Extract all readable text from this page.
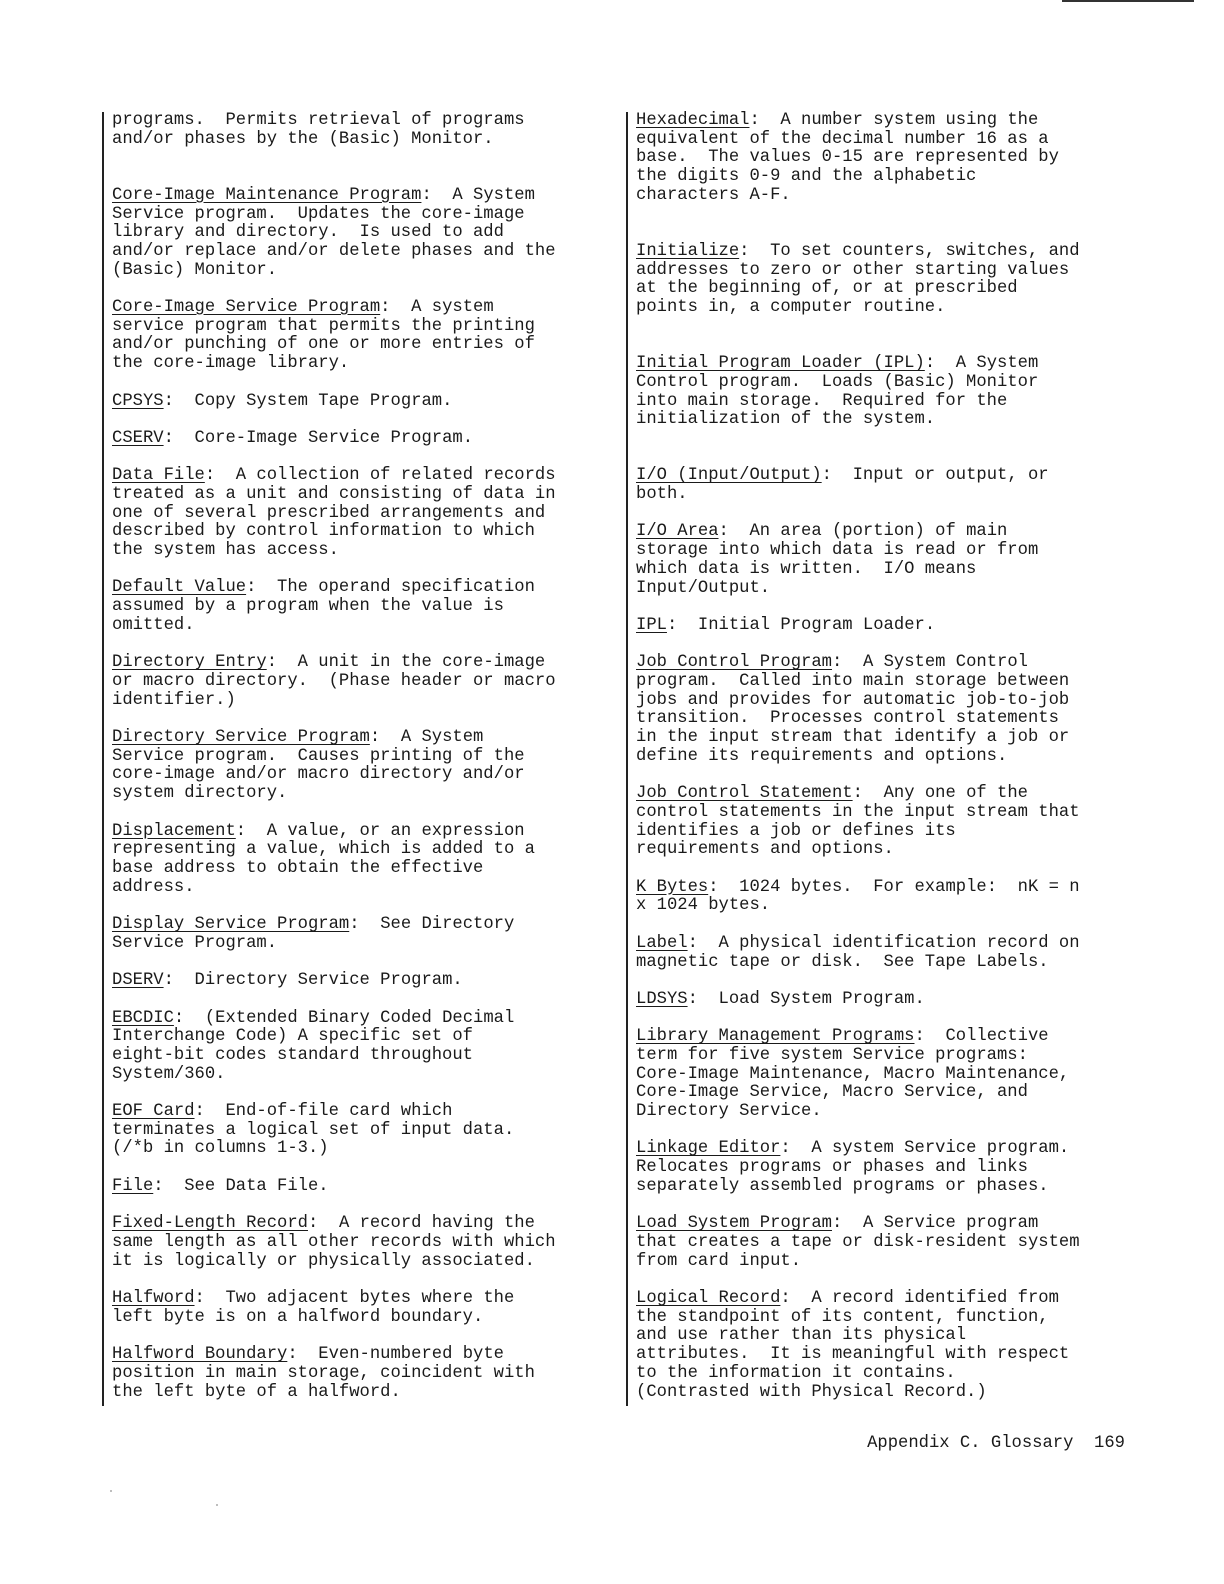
programs.  Permits retrieval of programs
and/or phases by the (Basic) Monitor.
Core-Image Maintenance Program:  A System
Service program.  Updates the core-image
library and directory.  Is used to add
and/or replace and/or delete phases and the
(Basic) Monitor.
Core-Image Service Program:  A system
service program that permits the printing
and/or punching of one or more entries of
the core-image library.
CPSYS:  Copy System Tape Program.
CSERV:  Core-Image Service Program.
Data File:  A collection of related records
treated as a unit and consisting of data in
one of several prescribed arrangements and
described by control information to which
the system has access.
Default Value:  The operand specification
assumed by a program when the value is
omitted.
Directory Entry:  A unit in the core-image
or macro directory.  (Phase header or macro
identifier.)
Directory Service Program:  A System
Service program.  Causes printing of the
core-image and/or macro directory and/or
system directory.
Displacement:  A value, or an expression
representing a value, which is added to a
base address to obtain the effective
address.
Display Service Program:  See Directory
Service Program.
DSERV:  Directory Service Program.
EBCDIC:  (Extended Binary Coded Decimal
Interchange Code) A specific set of
eight-bit codes standard throughout
System/360.
EOF Card:  End-of-file card which
terminates a logical set of input data.
(/*b in columns 1-3.)
File:  See Data File.
Fixed-Length Record:  A record having the
same length as all other records with which
it is logically or physically associated.
Halfword:  Two adjacent bytes where the
left byte is on a halfword boundary.
Halfword Boundary:  Even-numbered byte
position in main storage, coincident with
the left byte of a halfword.
Hexadecimal:  A number system using the
equivalent of the decimal number 16 as a
base.  The values 0-15 are represented by
the digits 0-9 and the alphabetic
characters A-F.
Initialize:  To set counters, switches, and
addresses to zero or other starting values
at the beginning of, or at prescribed
points in, a computer routine.
Initial Program Loader (IPL):  A System
Control program.  Loads (Basic) Monitor
into main storage.  Required for the
initialization of the system.
I/O (Input/Output):  Input or output, or
both.
I/O Area:  An area (portion) of main
storage into which data is read or from
which data is written.  I/O means
Input/Output.
IPL:  Initial Program Loader.
Job Control Program:  A System Control
program.  Called into main storage between
jobs and provides for automatic job-to-job
transition.  Processes control statements
in the input stream that identify a job or
define its requirements and options.
Job Control Statement:  Any one of the
control statements in the input stream that
identifies a job or defines its
requirements and options.
K Bytes:  1024 bytes.  For example:  nK = n
x 1024 bytes.
Label:  A physical identification record on
magnetic tape or disk.  See Tape Labels.
LDSYS:  Load System Program.
Library Management Programs:  Collective
term for five system Service programs:
Core-Image Maintenance, Macro Maintenance,
Core-Image Service, Macro Service, and
Directory Service.
Linkage Editor:  A system Service program.
Relocates programs or phases and links
separately assembled programs or phases.
Load System Program:  A Service program
that creates a tape or disk-resident system
from card input.
Logical Record:  A record identified from
the standpoint of its content, function,
and use rather than its physical
attributes.  It is meaningful with respect
to the information it contains.
(Contrasted with Physical Record.)
Appendix C. Glossary 169
